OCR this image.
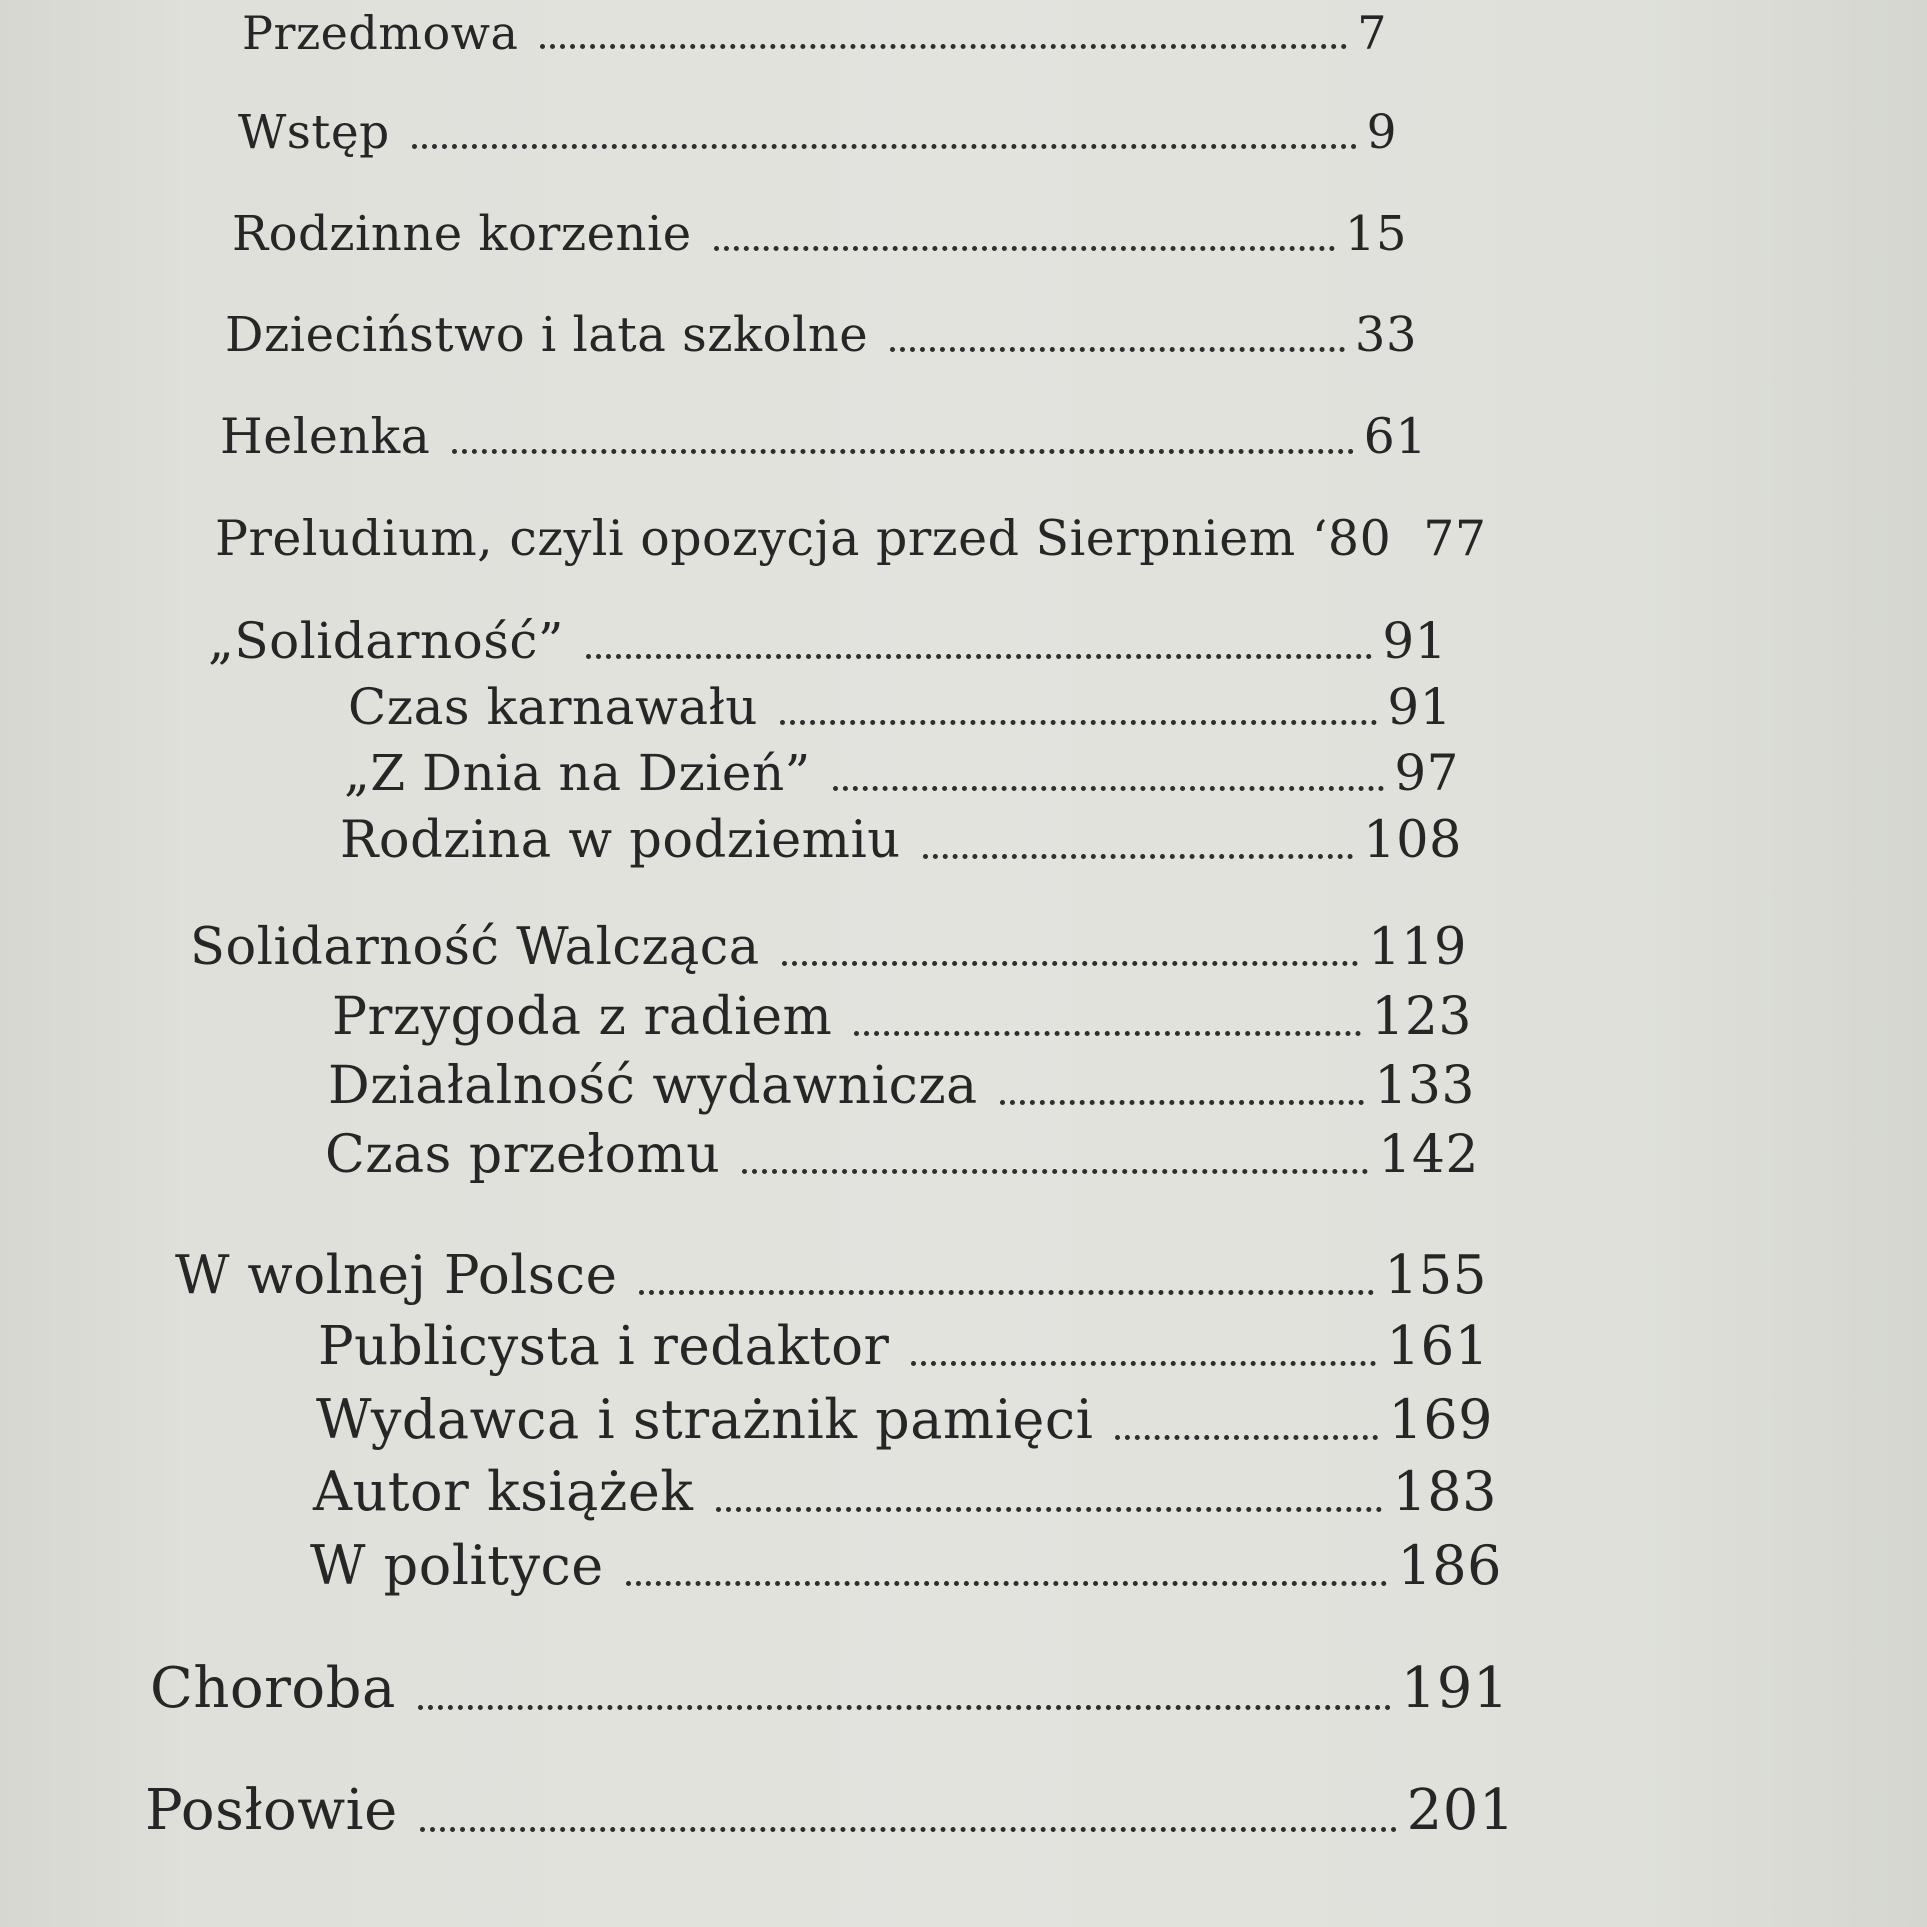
Przedmowa	7
Wstęp	9
Rodzinne korzenie	15
Dzieciństwo i lata szkolne	33
Helenka	61
Preludium, czyli opozycja przed Sierpniem ‘80 77
„Solidarność”	91
Czas karnawału	91
„Z Dnia na Dzień”	97
Rodzina w podziemiu	108
Solidarność Walcząca	119
Przygoda z radiem	123
Działalność wydawnicza	133
Czas przełomu	142
W wolnej Polsce	155
Publicysta i redaktor	161
Wydawca i strażnik pamięci	169
Autor książek	183
W polityce	186
Choroba	191
Posłowie	201
